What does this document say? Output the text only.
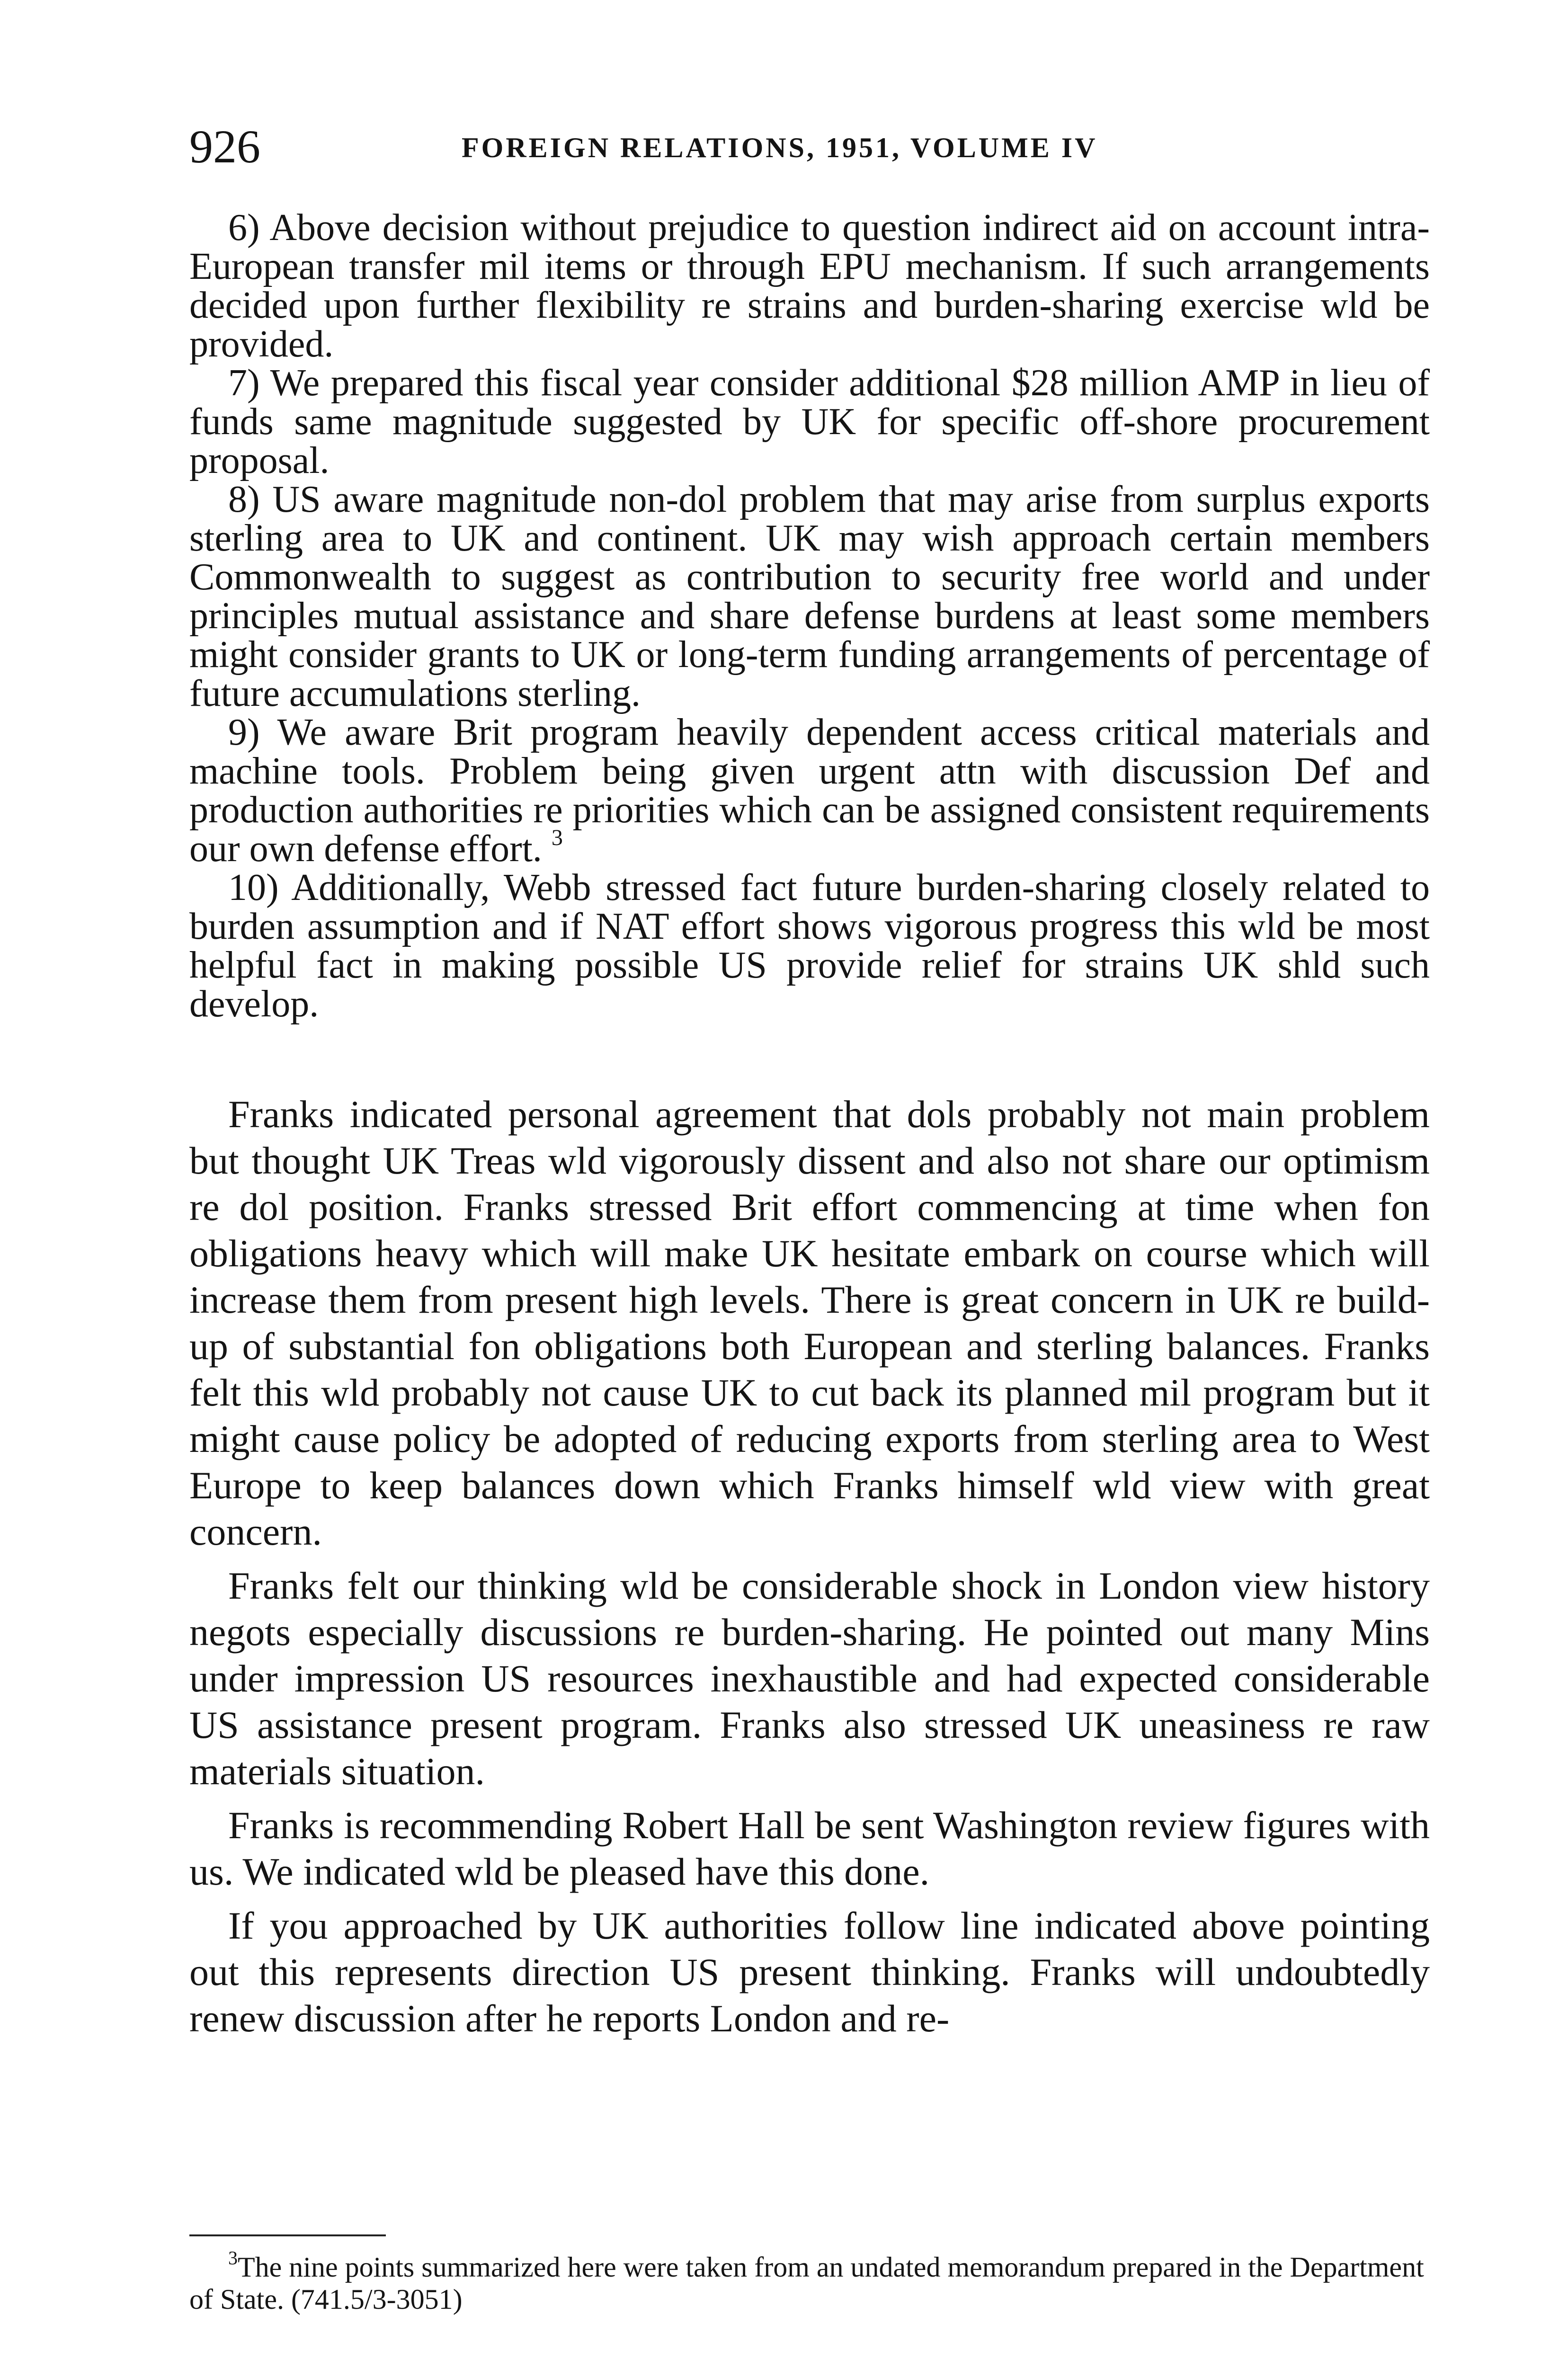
926	FOREIGN RELATIONS, 1951, VOLUME IV

6) Above decision without prejudice to question indirect aid on account intra-European transfer mil items or through EPU mechanism. If such arrangements decided upon further flexibility re strains and burden-sharing exercise wld be provided.

7) We prepared this fiscal year consider additional $28 million AMP in lieu of funds same magnitude suggested by UK for specific off-shore procurement proposal.

8) US aware magnitude non-dol problem that may arise from surplus exports sterling area to UK and continent. UK may wish approach certain members Commonwealth to suggest as contribution to security free world and under principles mutual assistance and share defense burdens at least some members might consider grants to UK or long-term funding arrangements of percentage of future accumulations sterling.

9) We aware Brit program heavily dependent access critical materials and machine tools. Problem being given urgent attn with discussion Def and production authorities re priorities which can be assigned consistent requirements our own defense effort. $^3$

10) Additionally, Webb stressed fact future burden-sharing closely related to burden assumption and if NAT effort shows vigorous progress this wld be most helpful fact in making possible US provide relief for strains UK shld such develop.

Franks indicated personal agreement that dols probably not main problem but thought UK Treas wld vigorously dissent and also not share our optimism re dol position. Franks stressed Brit effort commencing at time when fon obligations heavy which will make UK hesitate embark on course which will increase them from present high levels. There is great concern in UK re build-up of substantial fon obligations both European and sterling balances. Franks felt this wld probably not cause UK to cut back its planned mil program but it might cause policy be adopted of reducing exports from sterling area to West Europe to keep balances down which Franks himself wld view with great concern.

Franks felt our thinking wld be considerable shock in London view history negots especially discussions re burden-sharing. He pointed out many Mins under impression US resources inexhaustible and had expected considerable US assistance present program. Franks also stressed UK uneasiness re raw materials situation.

Franks is recommending Robert Hall be sent Washington review figures with us. We indicated wld be pleased have this done.

If you approached by UK authorities follow line indicated above pointing out this represents direction US present thinking. Franks will undoubtedly renew discussion after he reports London and re-

$^3$The nine points summarized here were taken from an undated memorandum prepared in the Department of State. (741.5/3-3051)
